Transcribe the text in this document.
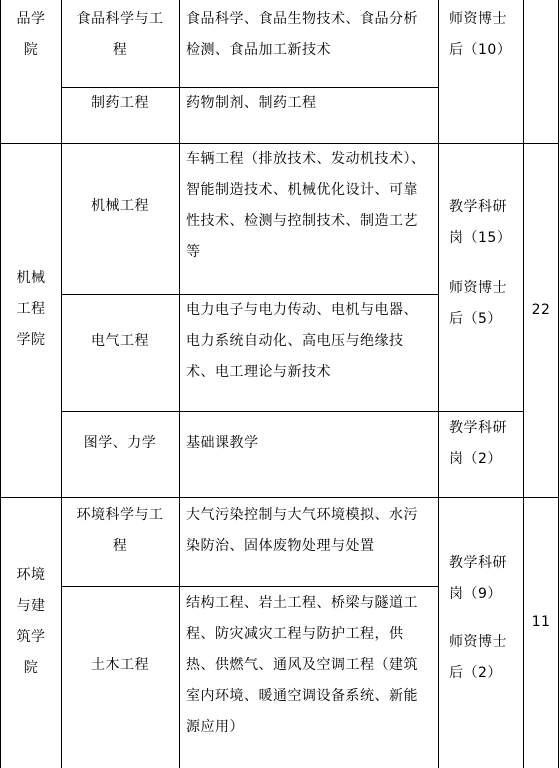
品学院
食品科学与工程
食品科学、食品生物技术、食品分析检测、食品加工新技术
制药工程	药物制剂、制药工程
师资博士后（10）
机械工程学院
机械工程
车辆工程（排放技术、发动机技术）、智能制造技术、机械优化设计、可靠性技术、检测与控制技术、制造工艺等
电气工程
电力电子与电力传动、电机与电器、电力系统自动化、高电压与绝缘技术、电工理论与新技术
教学科研岗（15）
师资博士后（5）
22
图学、力学	基础课教学
教学科研岗（2）
环境与建筑学院
环境科学与工程
大气污染控制与大气环境模拟、水污染防治、固体废物处理与处置
土木工程
结构工程、岩土工程、桥梁与隧道工程、防灾减灾工程与防护工程，供热、供燃气、通风及空调工程（建筑室内环境、暖通空调设备系统、新能源应用）
教学科研岗（9）
师资博士后（2）
11
